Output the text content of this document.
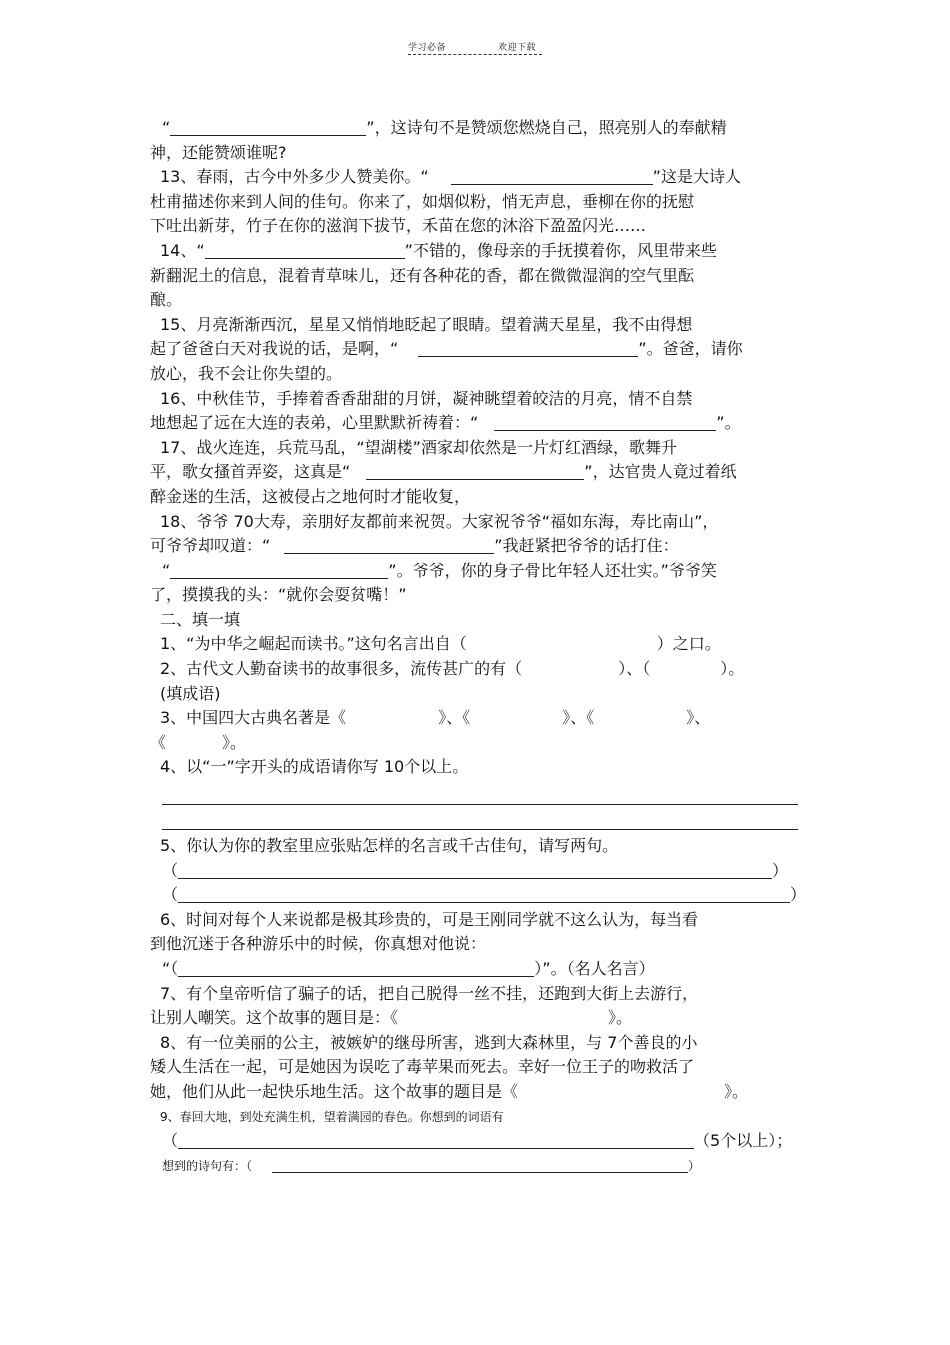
学习必备	欢迎下载
“	”，这诗句不是赞颂您燃烧自己，照亮别人的奉献精
神，还能赞颂谁呢?
13、春雨，古今中外多少人赞美你。“	”这是大诗人
杜甫描述你来到人间的佳句。你来了，如烟似粉，悄无声息，垂柳在你的抚慰
下吐出新芽，竹子在你的滋润下拔节，禾苗在您的沐浴下盈盈闪光……
14、“	”不错的，像母亲的手抚摸着你，风里带来些
新翻泥土的信息，混着青草味儿，还有各种花的香，都在微微湿润的空气里酝
酿。
15、月亮渐渐西沉，星星又悄悄地眨起了眼睛。望着满天星星，我不由得想
起了爸爸白天对我说的话，是啊，“	”。爸爸，请你
放心，我不会让你失望的。
16、中秋佳节，手捧着香香甜甜的月饼，凝神眺望着皎洁的月亮，情不自禁
地想起了远在大连的表弟，心里默默祈祷着：“	”。
17、战火连连，兵荒马乱，“望湖楼”酒家却依然是一片灯红酒绿，歌舞升
平，歌女搔首弄姿，这真是“	”，达官贵人竟过着纸
醉金迷的生活，这被侵占之地何时才能收复，
18、爷爷 70大寿，亲朋好友都前来祝贺。大家祝爷爷“福如东海，寿比南山”，
可爷爷却叹道：“	”我赶紧把爷爷的话打住：
“	”。爷爷，你的身子骨比年轻人还壮实。”爷爷笑
了，摸摸我的头：“就你会耍贫嘴！”
二、填一填
1、“为中华之崛起而读书。”这句名言出自（	）之口。
2、古代文人勤奋读书的故事很多，流传甚广的有（	）、（	）。
(填成语)
3、中国四大古典名著是《	》、《	》、《	》、
《	》。
4、以“一”字开头的成语请你写 10个以上。
5、你认为你的教室里应张贴怎样的名言或千古佳句，请写两句。
（	）
（	）
6、时间对每个人来说都是极其珍贵的，可是王刚同学就不这么认为，每当看
到他沉迷于各种游乐中的时候，你真想对他说：
“（	）”。（名人名言）
7、有个皇帝听信了骗子的话，把自己脱得一丝不挂，还跑到大街上去游行，
让别人嘲笑。这个故事的题目是：《	》。
8、有一位美丽的公主，被嫉妒的继母所害，逃到大森林里，与 7个善良的小
矮人生活在一起，可是她因为误吃了毒苹果而死去。幸好一位王子的吻救活了
她，他们从此一起快乐地生活。这个故事的题目是《	》。
9、春回大地，到处充满生机，望着满园的春色。你想到的词语有
（	（5个以上）；
想到的诗句有：（	）
